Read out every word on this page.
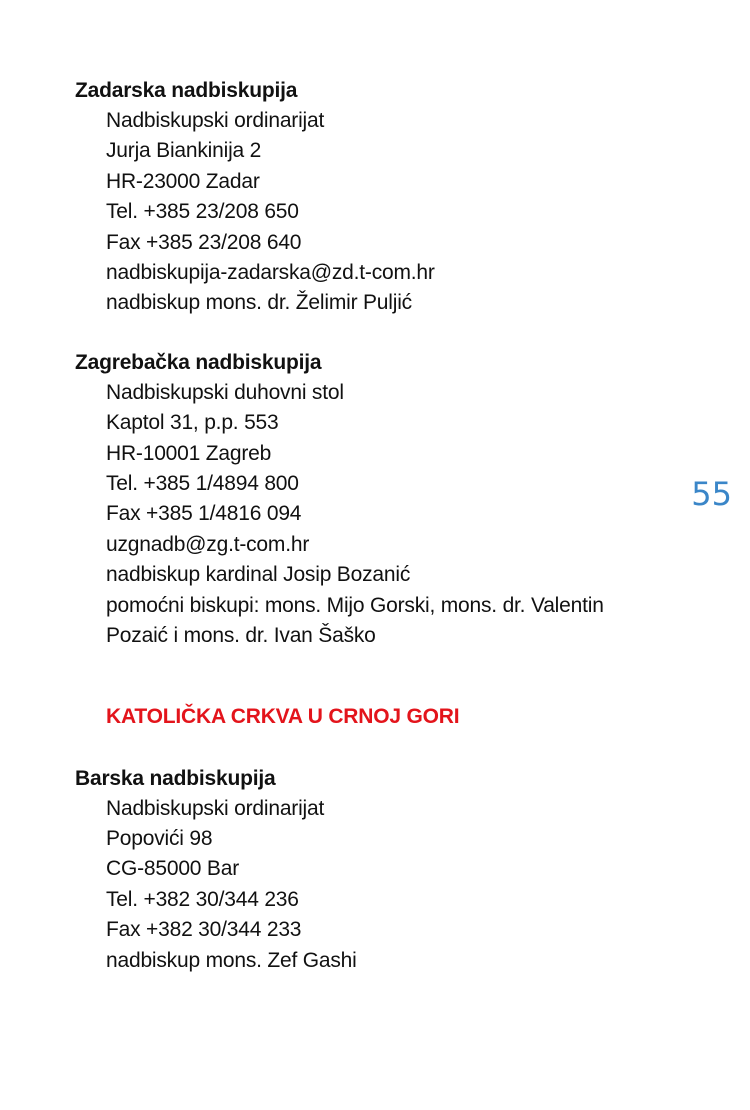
Zadarska nadbiskupija
Nadbiskupski ordinarijat
Jurja Biankinija 2
HR-23000 Zadar
Tel. +385 23/208 650
Fax +385 23/208 640
nadbiskupija-zadarska@zd.t-com.hr
nadbiskup mons. dr. Želimir Puljić
Zagrebačka nadbiskupija
Nadbiskupski duhovni stol
Kaptol 31, p.p. 553
HR-10001 Zagreb
Tel. +385 1/4894 800
Fax +385 1/4816 094
uzgnadb@zg.t-com.hr
nadbiskup kardinal Josip Bozanić
pomoćni biskupi: mons. Mijo Gorski, mons. dr. Valentin
Pozaić i mons. dr. Ivan Šaško
KATOLIČKA CRKVA U CRNOJ GORI
Barska nadbiskupija
Nadbiskupski ordinarijat
Popovići 98
CG-85000 Bar
Tel. +382 30/344 236
Fax +382 30/344 233
nadbiskup mons. Zef Gashi
55
